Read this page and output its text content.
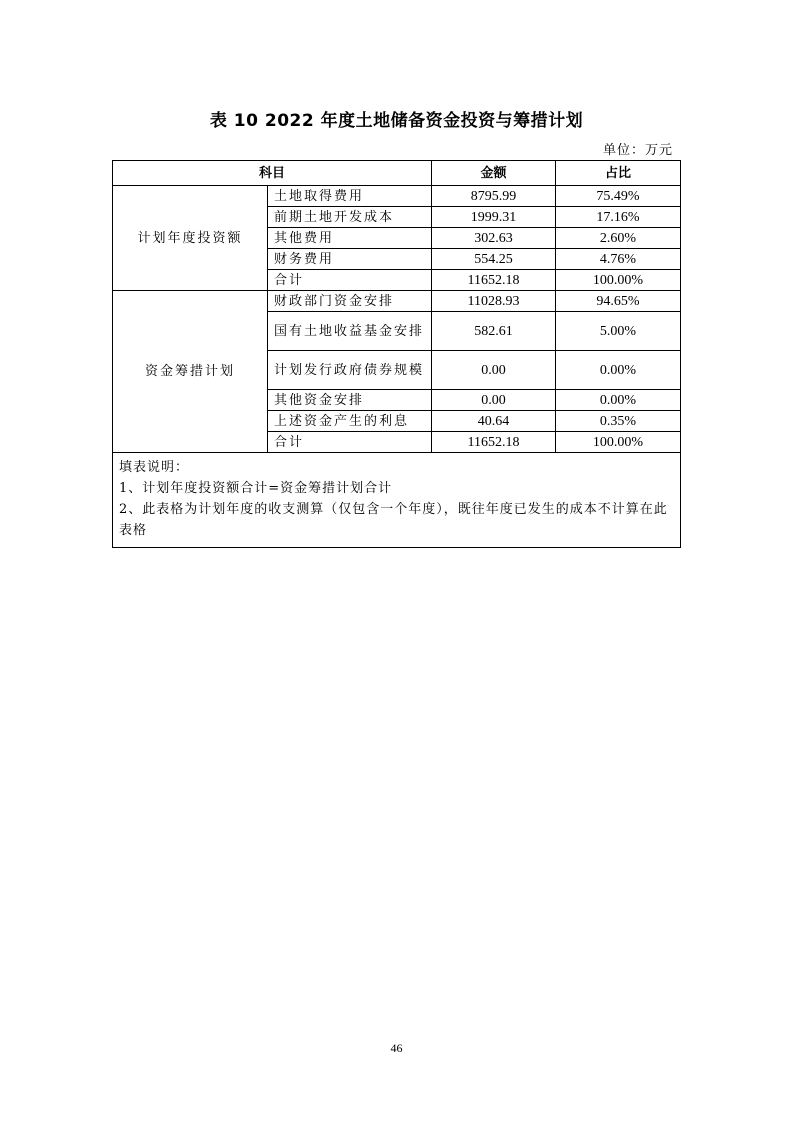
表 10 2022 年度土地储备资金投资与筹措计划
单位：万元
科目		金额	占比
计划年度投资额	土地取得费用	8795.99	75.49%
	前期土地开发成本	1999.31	17.16%
	其他费用	302.63	2.60%
	财务费用	554.25	4.76%
	合计	11652.18	100.00%
资金筹措计划	财政部门资金安排	11028.93	94.65%
	国有土地收益基金安排	582.61	5.00%
	计划发行政府债券规模	0.00	0.00%
	其他资金安排	0.00	0.00%
	上述资金产生的利息	40.64	0.35%
	合计	11652.18	100.00%

填表说明：
1、计划年度投资额合计=资金筹措计划合计
2、此表格为计划年度的收支测算（仅包含一个年度），既往年度已发生的成本不计算在此表格			
46
